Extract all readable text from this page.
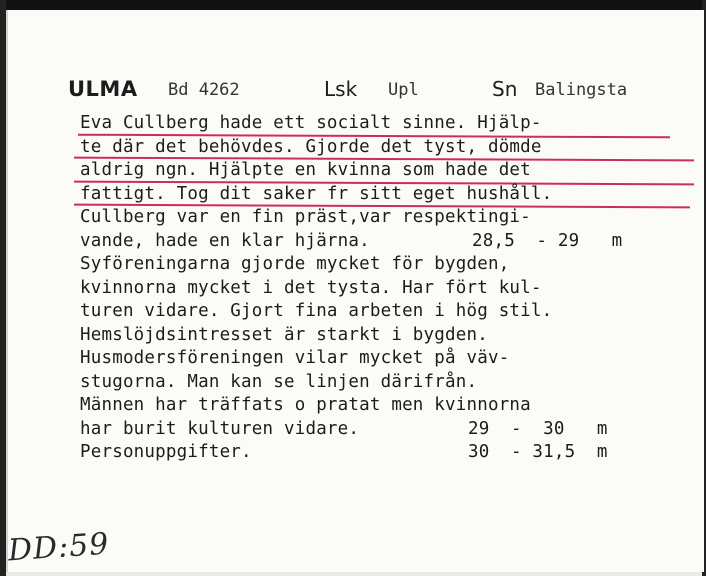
ULMA Bd 4262	Lsk Upl	Sn Balingsta
Eva Cullberg hade ett socialt sinne. Hjälp-
te där det behövdes. Gjorde det tyst, dömde
aldrig ngn. Hjälpte en kvinna som hade det
fattigt. Tog dit saker fr sitt eget hushåll.
Cullberg var en fin präst,var respektingi-
vande, hade en klar hjärna.	28,5  - 29   m
Syföreningarna gjorde mycket för bygden,
kvinnorna mycket i det tysta. Har fört kul-
turen vidare. Gjort fina arbeten i hög stil.
Hemslöjdsintresset är starkt i bygden.
Husmodersföreningen vilar mycket på väv-
stugorna. Man kan se linjen därifrån.
Männen har träffats o pratat men kvinnorna
har burit kulturen vidare.	29  -  30   m
Personuppgifter.	30  - 31,5  m
DD:59
